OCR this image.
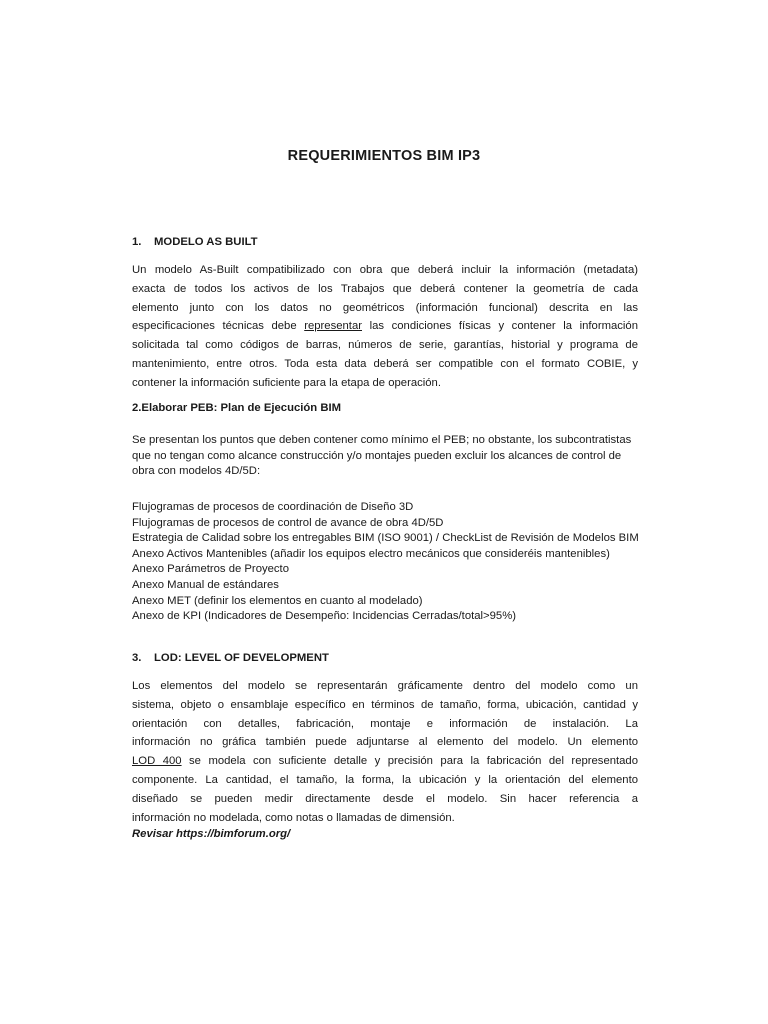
REQUERIMIENTOS BIM IP3
1. MODELO AS BUILT
Un modelo As-Built compatibilizado con obra que deberá incluir la información (metadata)
exacta de todos los activos de los Trabajos que deberá contener la geometría de cada
elemento junto con los datos no geométricos (información funcional) descrita en las
especificaciones técnicas debe representar las condiciones físicas y contener la información
solicitada tal como códigos de barras, números de serie, garantías, historial y programa de
mantenimiento, entre otros. Toda esta data deberá ser compatible con el formato COBIE, y
contener la información suficiente para la etapa de operación.
2.Elaborar PEB: Plan de Ejecución BIM
Se presentan los puntos que deben contener como mínimo el PEB; no obstante, los subcontratistas
que no tengan como alcance construcción y/o montajes pueden excluir los alcances de control de
obra con modelos 4D/5D:
Flujogramas de procesos de coordinación de Diseño 3D
Flujogramas de procesos de control de avance de obra 4D/5D
Estrategia de Calidad sobre los entregables BIM (ISO 9001) / CheckList de Revisión de Modelos BIM
Anexo Activos Mantenibles (añadir los equipos electro mecánicos que consideréis mantenibles)
Anexo Parámetros de Proyecto
Anexo Manual de estándares
Anexo MET (definir los elementos en cuanto al modelado)
Anexo de KPI (Indicadores de Desempeño: Incidencias Cerradas/total>95%)
3. LOD: LEVEL OF DEVELOPMENT
Los elementos del modelo se representarán gráficamente dentro del modelo como un
sistema, objeto o ensamblaje específico en términos de tamaño, forma, ubicación, cantidad y
orientación con detalles, fabricación, montaje e información de instalación. La
información no gráfica también puede adjuntarse al elemento del modelo. Un elemento
LOD 400 se modela con suficiente detalle y precisión para la fabricación del representado
componente. La cantidad, el tamaño, la forma, la ubicación y la orientación del elemento
diseñado se pueden medir directamente desde el modelo. Sin hacer referencia a
información no modelada, como notas o llamadas de dimensión.
Revisar https://bimforum.org/
